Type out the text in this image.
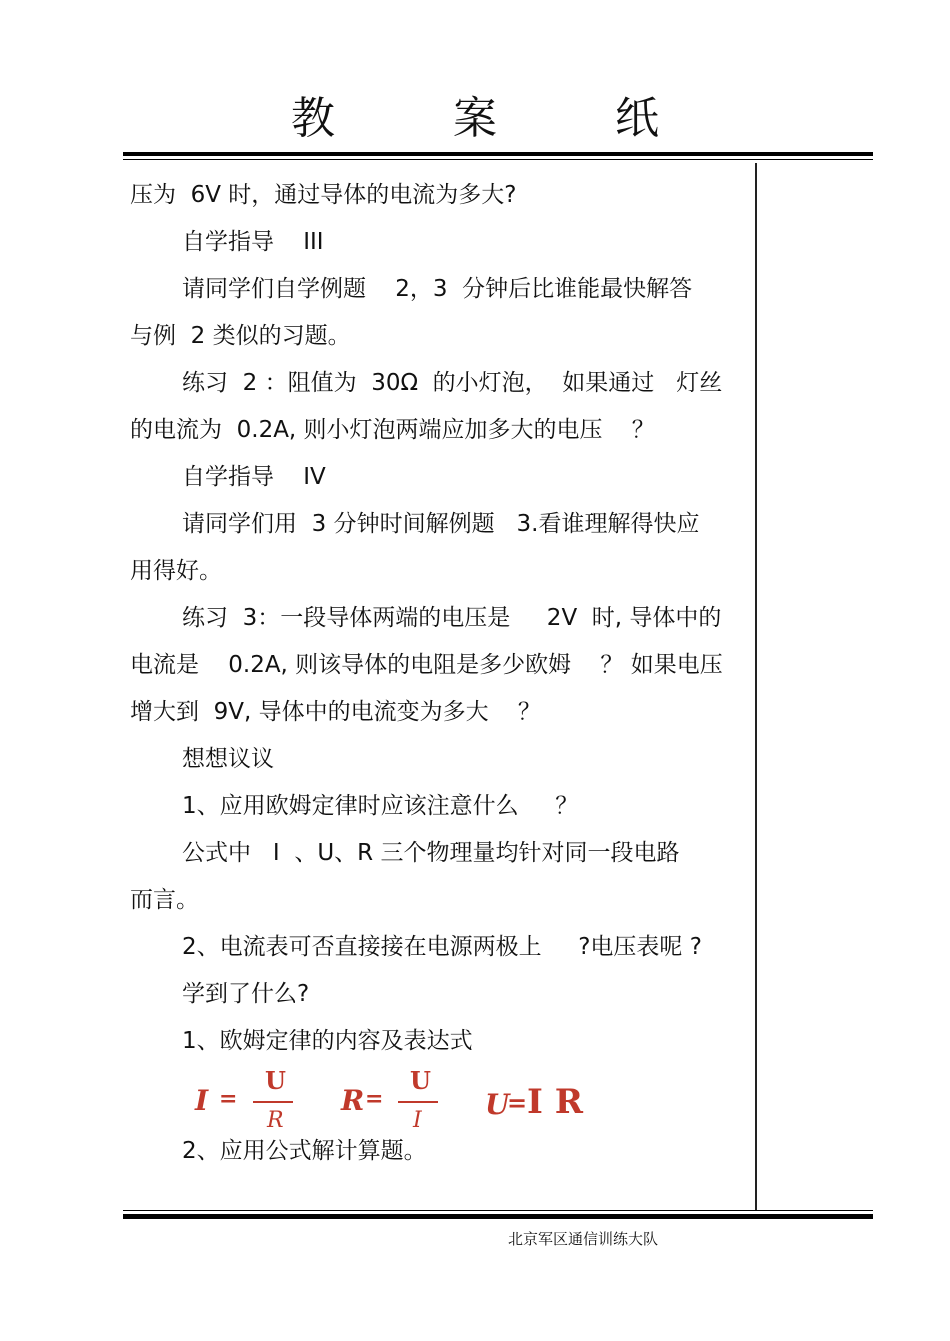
教 案 纸
压为  6V 时，通过导体的电流为多大?
自学指导    III
请同学们自学例题    2，3  分钟后比谁能最快解答
与例  2 类似的习题。
练习  2 ：阻值为  30Ω  的小灯泡，  如果通过   灯丝
的电流为  0.2A, 则小灯泡两端应加多大的电压    ？
自学指导    IV
请同学们用  3 分钟时间解例题   3.看谁理解得快应
用得好。
练习  3：一段导体两端的电压是     2V  时, 导体中的
电流是    0.2A, 则该导体的电阻是多少欧姆    ？ 如果电压
增大到  9V, 导体中的电流变为多大    ？
想想议议
1、应用欧姆定律时应该注意什么     ？
公式中   I  、U、R 三个物理量均针对同一段电路
而言。
2、电流表可否直接接在电源两极上     ?电压表呢 ?
学到了什么?
1、欧姆定律的内容及表达式
I =
U
R
R =
U
I U
= I R
2、应用公式解计算题。
北京军区通信训练大队
